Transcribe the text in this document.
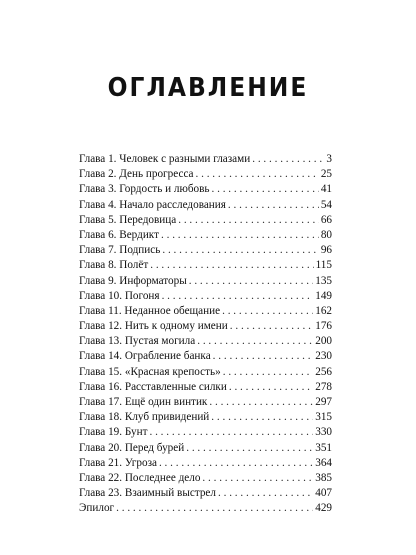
ОГЛАВЛЕНИЕ
Глава 1. Человек с разными глазами . . .	3
Глава 2. День прогресса . . .	25
Глава 3. Гордость и любовь . . .	41
Глава 4. Начало расследования . . .	54
Глава 5. Передовица . . .	66
Глава 6. Вердикт . . .	80
Глава 7. Подпись . . .	96
Глава 8. Полёт . . .	115
Глава 9. Информаторы . . .	135
Глава 10. Погоня . . .	149
Глава 11. Неданное обещание . . .	162
Глава 12. Нить к одному имени . . .	176
Глава 13. Пустая могила . . .	200
Глава 14. Ограбление банка . . .	230
Глава 15. «Красная крепость» . . .	256
Глава 16. Расставленные силки . . .	278
Глава 17. Ещё один винтик . . .	297
Глава 18. Клуб привидений . . .	315
Глава 19. Бунт . . .	330
Глава 20. Перед бурей . . .	351
Глава 21. Угроза . . .	364
Глава 22. Последнее дело . . .	385
Глава 23. Взаимный выстрел . . .	407
Эпилог . . .	429
